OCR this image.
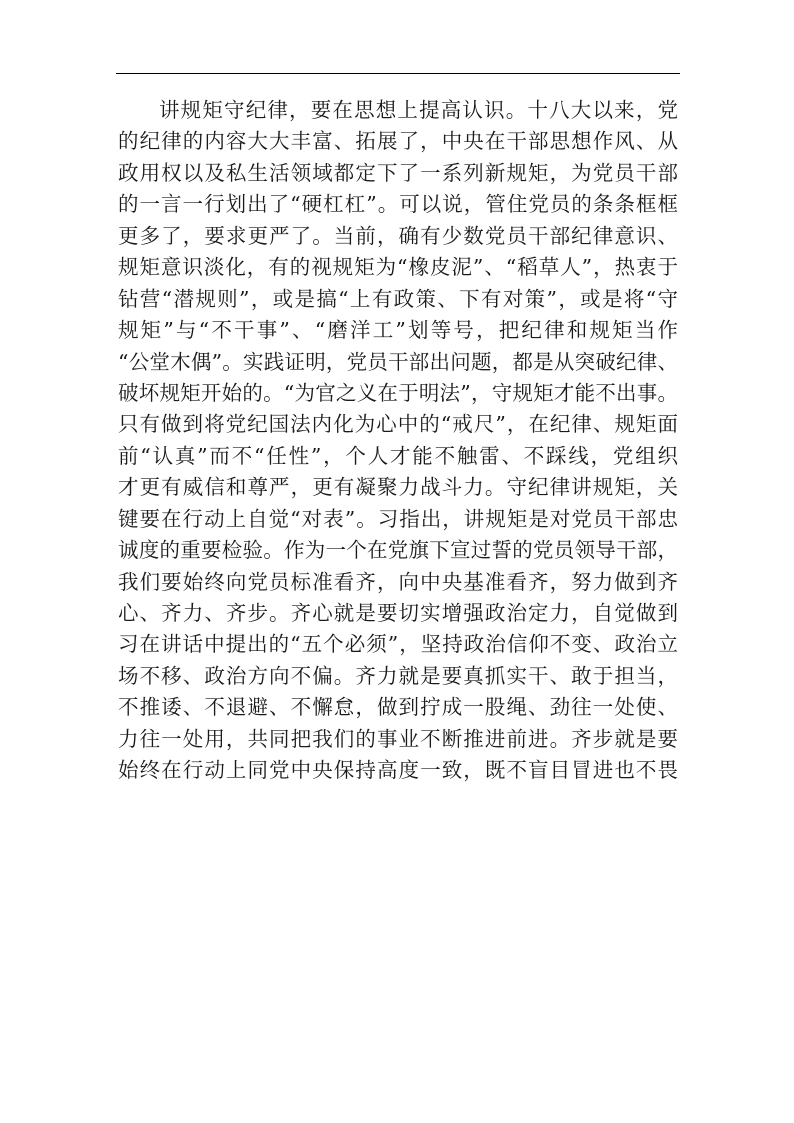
讲规矩守纪律，要在思想上提高认识。十八大以来，党
的纪律的内容大大丰富、拓展了，中央在干部思想作风、从
政用权以及私生活领域都定下了一系列新规矩，为党员干部
的一言一行划出了“硬杠杠”。可以说，管住党员的条条框框
更多了，要求更严了。当前，确有少数党员干部纪律意识、
规矩意识淡化，有的视规矩为“橡皮泥”、“稻草人”，热衷于
钻营“潜规则”，或是搞“上有政策、下有对策”，或是将“守
规矩”与“不干事”、“磨洋工”划等号，把纪律和规矩当作
“公堂木偶”。实践证明，党员干部出问题，都是从突破纪律、
破坏规矩开始的。“为官之义在于明法”，守规矩才能不出事。
只有做到将党纪国法内化为心中的“戒尺”，在纪律、规矩面
前“认真”而不“任性”，个人才能不触雷、不踩线，党组织
才更有威信和尊严，更有凝聚力战斗力。守纪律讲规矩，关
键要在行动上自觉“对表”。习指出，讲规矩是对党员干部忠
诚度的重要检验。作为一个在党旗下宣过誓的党员领导干部，
我们要始终向党员标准看齐，向中央基准看齐，努力做到齐
心、齐力、齐步。齐心就是要切实增强政治定力，自觉做到
习在讲话中提出的“五个必须”，坚持政治信仰不变、政治立
场不移、政治方向不偏。齐力就是要真抓实干、敢于担当，
不推诿、不退避、不懈怠，做到拧成一股绳、劲往一处使、
力往一处用，共同把我们的事业不断推进前进。齐步就是要
始终在行动上同党中央保持高度一致，既不盲目冒进也不畏
